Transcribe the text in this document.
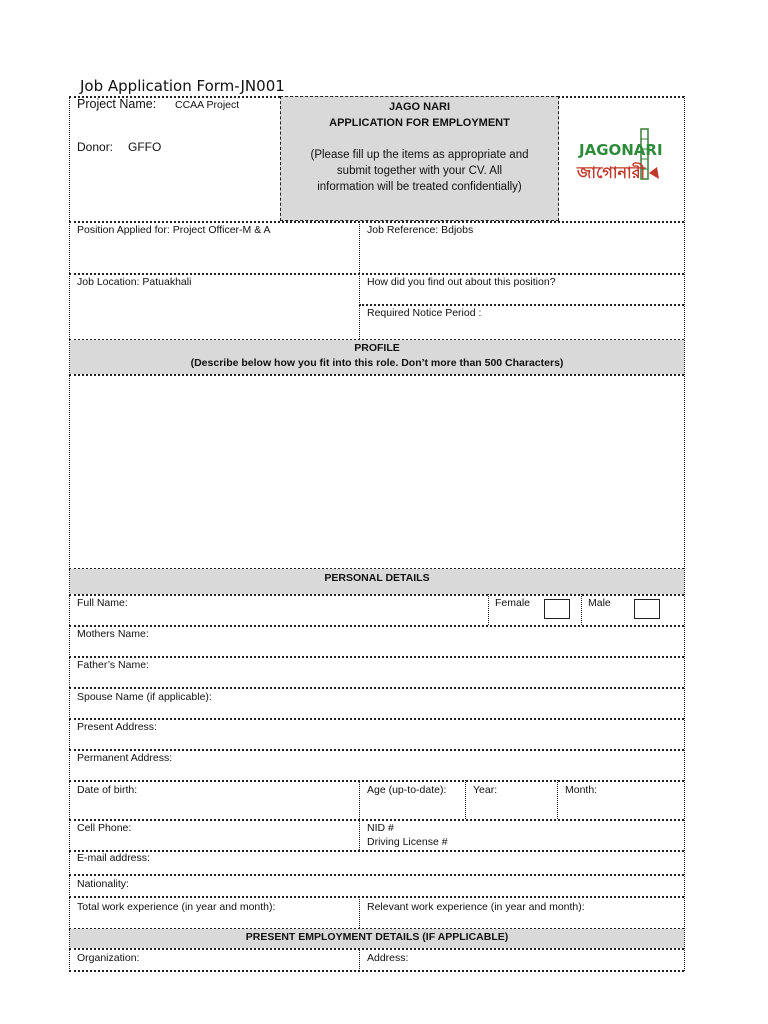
Job Application Form-JN001
JAGO NARI
APPLICATION FOR EMPLOYMENT
(Please fill up the items as appropriate and
submit together with your CV. All
information will be treated confidentially)
Project Name: CCAA Project
Donor: GFFO	JAGONARI
জাগোনারী
Position Applied for: Project Officer-M & A	Job Reference: Bdjobs
Job Location: Patuakhali	How did you find out about this position?
Required Notice Period :
PROFILE
(Describe below how you fit into this role. Don’t more than 500 Characters)
PERSONAL DETAILS
Full Name:	Female	Male
Mothers Name:
Father’s Name:
Spouse Name (if applicable):
Present Address:
Permanent Address:
Date of birth:	Age (up-to-date):	Year:	Month:
Cell Phone:	NID #
Driving License #
E-mail address:
Nationality:
Total work experience (in year and month):	Relevant work experience (in year and month):
PRESENT EMPLOYMENT DETAILS (IF APPLICABLE)
Organization:	Address:
